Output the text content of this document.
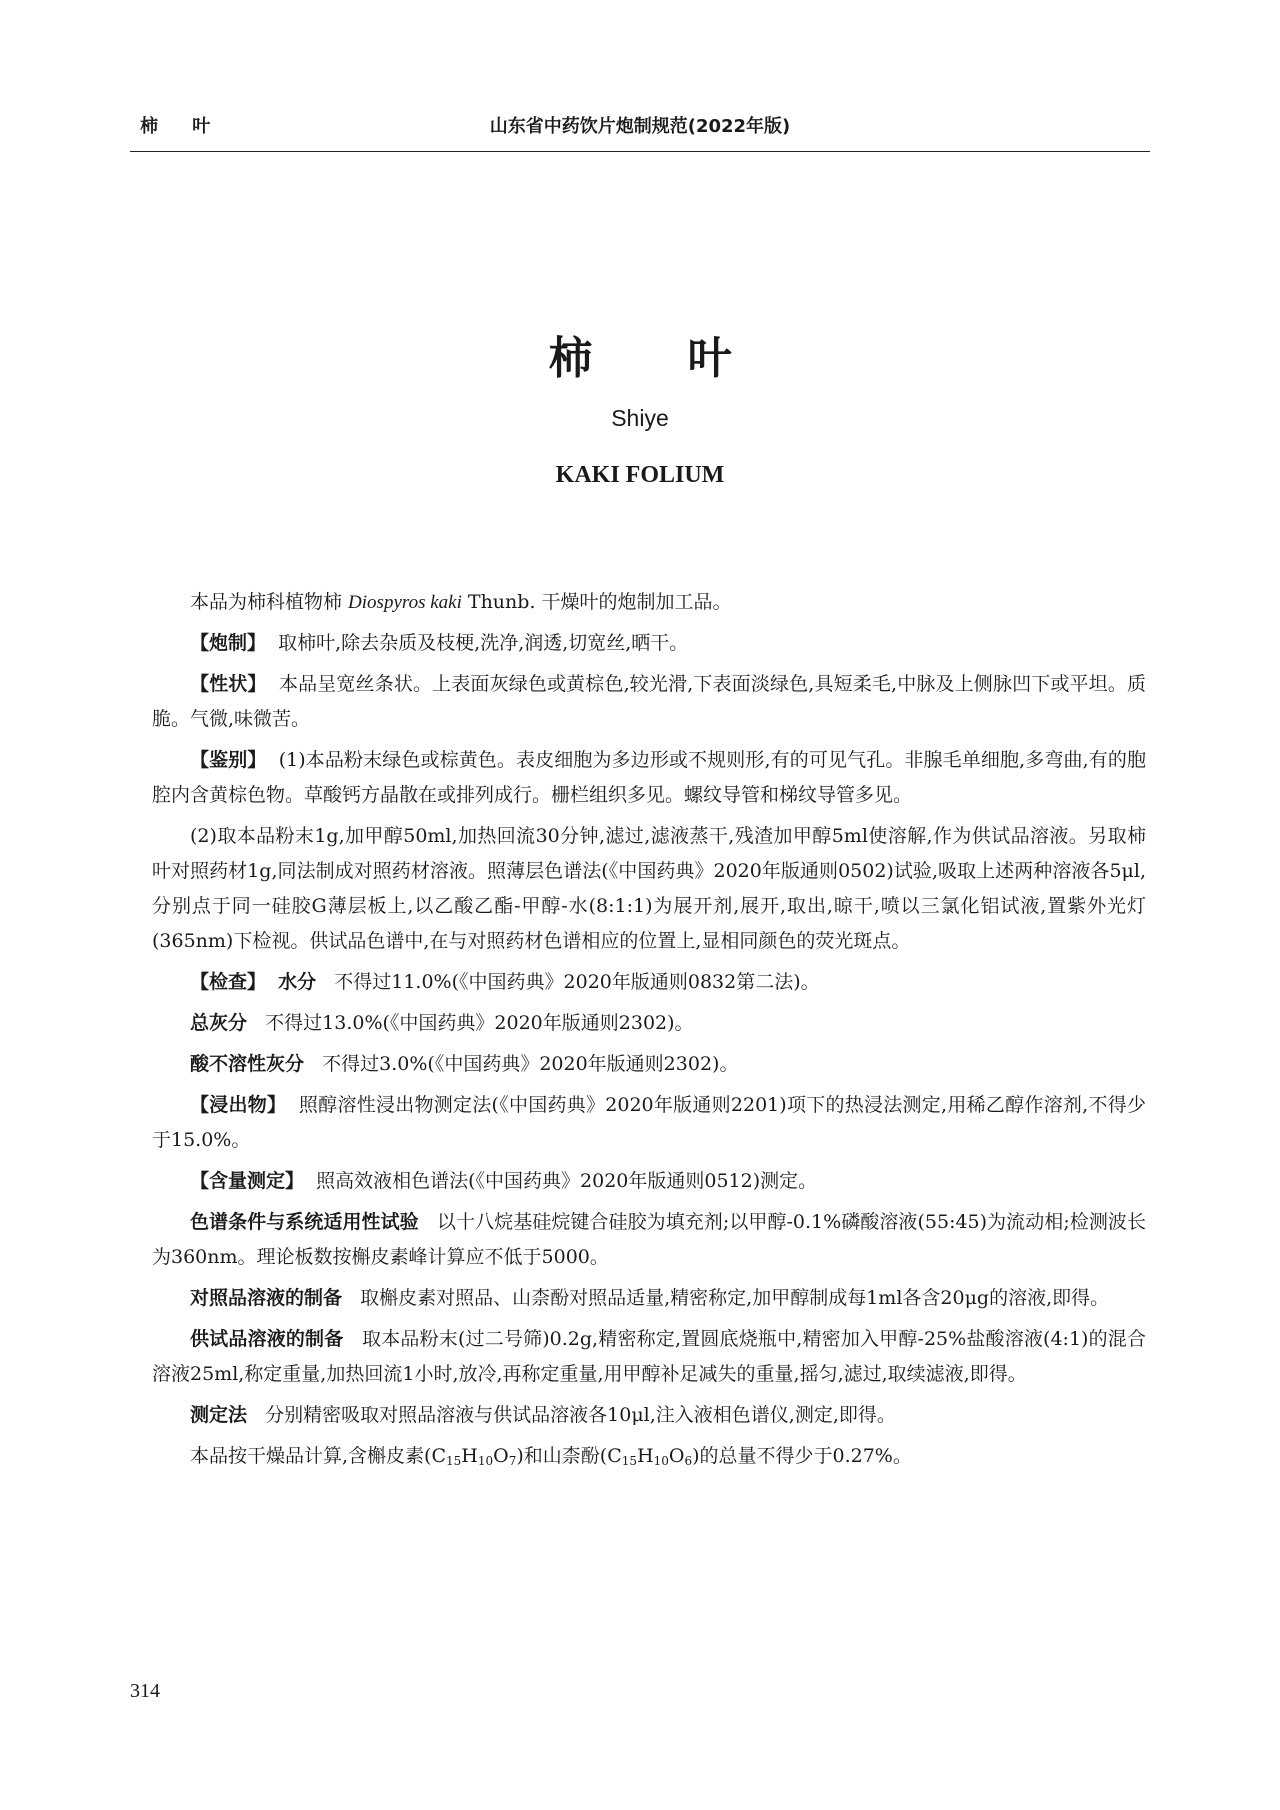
柿 叶	山东省中药饮片炮制规范(2022年版)
柿 叶
Shiye
KAKI FOLIUM

本品为柿科植物柿 Diospyros kaki Thunb. 干燥叶的炮制加工品。

【炮制】 取柿叶,除去杂质及枝梗,洗净,润透,切宽丝,晒干。

【性状】 本品呈宽丝条状。上表面灰绿色或黄棕色,较光滑,下表面淡绿色,具短柔毛,中脉及上侧脉凹下或平坦。质脆。气微,味微苦。

【鉴别】 (1)本品粉末绿色或棕黄色。表皮细胞为多边形或不规则形,有的可见气孔。非腺毛单细胞,多弯曲,有的胞腔内含黄棕色物。草酸钙方晶散在或排列成行。栅栏组织多见。螺纹导管和梯纹导管多见。

(2)取本品粉末1g,加甲醇50ml,加热回流30分钟,滤过,滤液蒸干,残渣加甲醇5ml使溶解,作为供试品溶液。另取柿叶对照药材1g,同法制成对照药材溶液。照薄层色谱法(《中国药典》2020年版通则0502)试验,吸取上述两种溶液各5μl,分别点于同一硅胶G薄层板上,以乙酸乙酯-甲醇-水(8:1:1)为展开剂,展开,取出,晾干,喷以三氯化铝试液,置紫外光灯(365nm)下检视。供试品色谱中,在与对照药材色谱相应的位置上,显相同颜色的荧光斑点。

【检查】 水分 不得过11.0%(《中国药典》2020年版通则0832第二法)。

总灰分 不得过13.0%(《中国药典》2020年版通则2302)。

酸不溶性灰分 不得过3.0%(《中国药典》2020年版通则2302)。

【浸出物】 照醇溶性浸出物测定法(《中国药典》2020年版通则2201)项下的热浸法测定,用稀乙醇作溶剂,不得少于15.0%。

【含量测定】 照高效液相色谱法(《中国药典》2020年版通则0512)测定。

色谱条件与系统适用性试验 以十八烷基硅烷键合硅胶为填充剂;以甲醇-0.1%磷酸溶液(55:45)为流动相;检测波长为360nm。理论板数按槲皮素峰计算应不低于5000。

对照品溶液的制备 取槲皮素对照品、山柰酚对照品适量,精密称定,加甲醇制成每1ml各含20μg的溶液,即得。

供试品溶液的制备 取本品粉末(过二号筛)0.2g,精密称定,置圆底烧瓶中,精密加入甲醇-25%盐酸溶液(4:1)的混合溶液25ml,称定重量,加热回流1小时,放冷,再称定重量,用甲醇补足减失的重量,摇匀,滤过,取续滤液,即得。

测定法 分别精密吸取对照品溶液与供试品溶液各10μl,注入液相色谱仪,测定,即得。

本品按干燥品计算,含槲皮素$(C_{15}H_{10}O_7)$和山柰酚$(C_{15}H_{10}O_6)$的总量不得少于0.27%。

314
